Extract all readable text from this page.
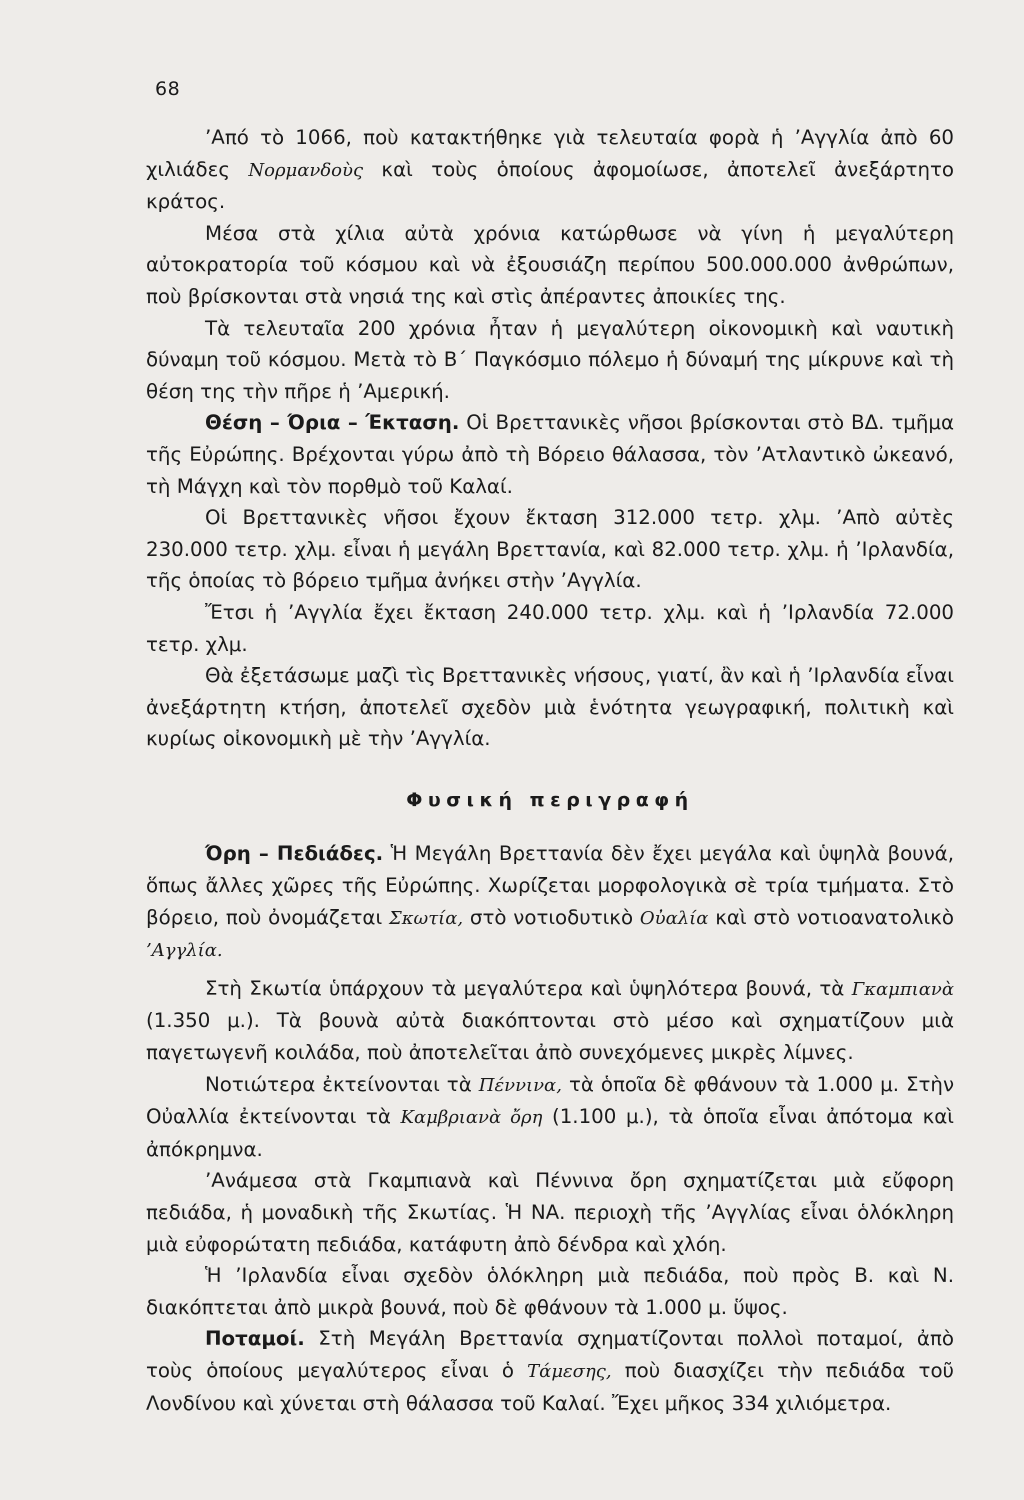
68

’Από τὸ 1066, ποὺ κατακτήθηκε γιὰ τελευταία φορὰ ἡ ’Αγγλία ἀπὸ 60 χιλιάδες Νορμανδοὺς καὶ τοὺς ὁποίους ἀφομοίωσε, ἀποτελεῖ ἀνεξάρτητο κράτος.

Μέσα στὰ χίλια αὐτὰ χρόνια κατώρθωσε νὰ γίνη ἡ μεγαλύτερη αὐτοκρατορία τοῦ κόσμου καὶ νὰ ἐξουσιάζη περίπου 500.000.000 ἀνθρώπων, ποὺ βρίσκονται στὰ νησιά της καὶ στὶς ἀπέραντες ἀποικίες της.

Τὰ τελευταῖα 200 χρόνια ἦταν ἡ μεγαλύτερη οἰκονομικὴ καὶ ναυτικὴ δύναμη τοῦ κόσμου. Μετὰ τὸ Β΄ Παγκόσμιο πόλεμο ἡ δύναμή της μίκρυνε καὶ τὴ θέση της τὴν πῆρε ἡ ’Αμερική.

Θέση – Όρια – Έκταση. Οἱ Βρεττανικὲς νῆσοι βρίσκονται στὸ ΒΔ. τμῆμα τῆς Εὐρώπης. Βρέχονται γύρω ἀπὸ τὴ Βόρειο θάλασσα, τὸν ’Ατλαντικὸ ὠκεανό, τὴ Μάγχη καὶ τὸν πορθμὸ τοῦ Καλαί.

Οἱ Βρεττανικὲς νῆσοι ἔχουν ἔκταση 312.000 τετρ. χλμ. ’Απὸ αὐτὲς 230.000 τετρ. χλμ. εἶναι ἡ μεγάλη Βρεττανία, καὶ 82.000 τετρ. χλμ. ἡ ’Ιρλανδία, τῆς ὁποίας τὸ βόρειο τμῆμα ἀνήκει στὴν ’Αγγλία.

Ἔτσι ἡ ’Αγγλία ἔχει ἔκταση 240.000 τετρ. χλμ. καὶ ἡ ’Ιρλανδία 72.000 τετρ. χλμ.

Θὰ ἐξετάσωμε μαζὶ τὶς Βρεττανικὲς νήσους, γιατί, ἂν καὶ ἡ ’Ιρλανδία εἶναι ἀνεξάρτητη κτήση, ἀποτελεῖ σχεδὸν μιὰ ἑνότητα γεωγραφική, πολιτικὴ καὶ κυρίως οἰκονομικὴ μὲ τὴν ’Αγγλία.

Φυσική περιγραφή

Όρη – Πεδιάδες. Ἡ Μεγάλη Βρεττανία δὲν ἔχει μεγάλα καὶ ὑψηλὰ βουνά, ὅπως ἄλλες χῶρες τῆς Εὐρώπης. Χωρίζεται μορφολογικὰ σὲ τρία τμήματα. Στὸ βόρειο, ποὺ ὀνομάζεται Σκωτία, στὸ νοτιοδυτικὸ Οὐαλία καὶ στὸ νοτιοανατολικὸ ’Αγγλία.

Στὴ Σκωτία ὑπάρχουν τὰ μεγαλύτερα καὶ ὑψηλότερα βουνά, τὰ Γκαμπιανὰ (1.350 μ.). Τὰ βουνὰ αὐτὰ διακόπτονται στὸ μέσο καὶ σχηματίζουν μιὰ παγετωγενῆ κοιλάδα, ποὺ ἀποτελεῖται ἀπὸ συνεχόμενες μικρὲς λίμνες.

Νοτιώτερα ἐκτείνονται τὰ Πέννινα, τὰ ὁποῖα δὲ φθάνουν τὰ 1.000 μ. Στὴν Οὐαλλία ἐκτείνονται τὰ Καμβριανὰ ὄρη (1.100 μ.), τὰ ὁποῖα εἶναι ἀπότομα καὶ ἀπόκρημνα.

’Ανάμεσα στὰ Γκαμπιανὰ καὶ Πέννινα ὄρη σχηματίζεται μιὰ εὔφορη πεδιάδα, ἡ μοναδικὴ τῆς Σκωτίας. Ἡ ΝΑ. περιοχὴ τῆς ’Αγγλίας εἶναι ὁλόκληρη μιὰ εὐφορώτατη πεδιάδα, κατάφυτη ἀπὸ δένδρα καὶ χλόη.

Ἡ ’Ιρλανδία εἶναι σχεδὸν ὁλόκληρη μιὰ πεδιάδα, ποὺ πρὸς Β. καὶ Ν. διακόπτεται ἀπὸ μικρὰ βουνά, ποὺ δὲ φθάνουν τὰ 1.000 μ. ὕψος.

Ποταμοί. Στὴ Μεγάλη Βρεττανία σχηματίζονται πολλοὶ ποταμοί, ἀπὸ τοὺς ὁποίους μεγαλύτερος εἶναι ὁ Τάμεσης, ποὺ διασχίζει τὴν πεδιάδα τοῦ Λονδίνου καὶ χύνεται στὴ θάλασσα τοῦ Καλαί. Ἔχει μῆκος 334 χιλιόμετρα.
